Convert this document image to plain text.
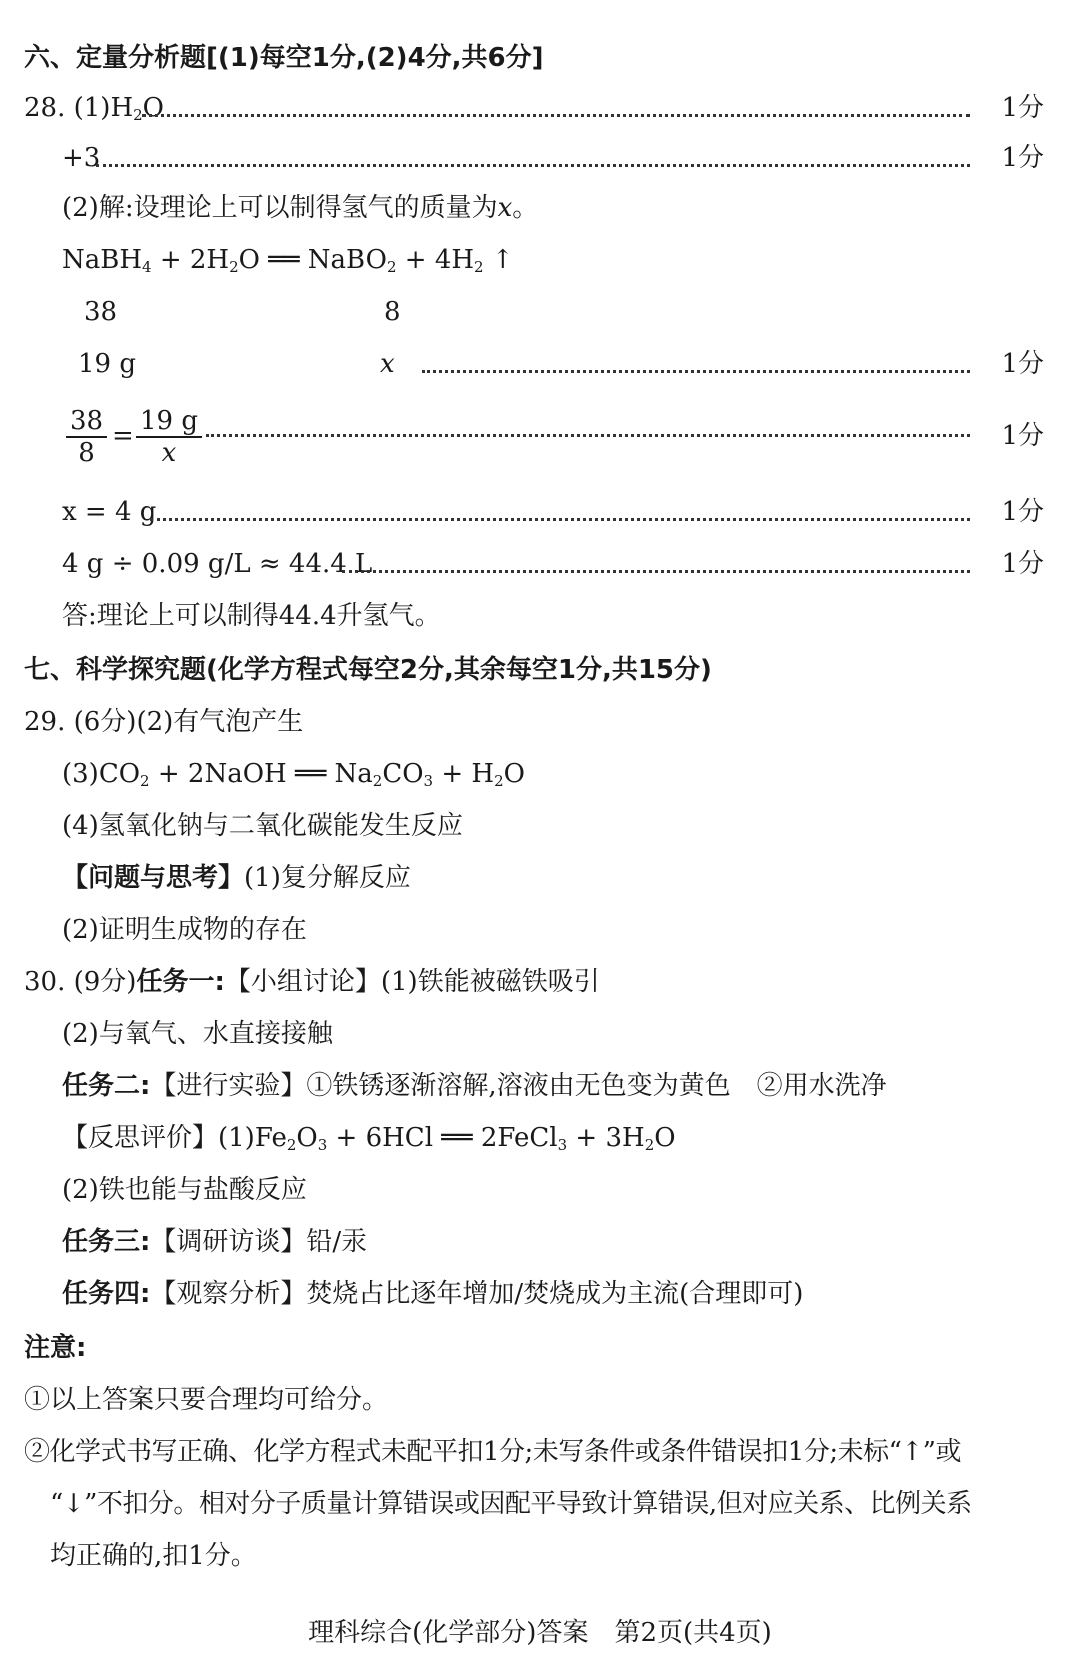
六、定量分析题[(1)每空1分,(2)4分,共6分]
28. $(1)H_2O$	1分
+3	1分
(2)解:设理论上可以制得氢气的质量为x。
NaBH$_4$ + $2H_2O$ ══ NaBO$_2$ + $4H_2$ ↑
38	8
19 g	x	1分
$\frac{38}{8} = \frac{19 g}{x}$	1分
x = 4 g	1分
4 g ÷ 0.09 g/L ≈ 44.4 L	1分
答:理论上可以制得44.4升氢气。
七、科学探究题(化学方程式每空2分,其余每空1分,共15分)
29. (6分)(2)有气泡产生
$(3)CO_2$ + 2NaOH ══ $Na_2CO_3 + H_2O$
(4)氢氧化钠与二氧化碳能发生反应
【问题与思考】(1)复分解反应
(2)证明生成物的存在
30. (9分)任务一:【小组讨论】(1)铁能被磁铁吸引
(2)与氧气、水直接接触
任务二:【进行实验】①铁锈逐渐溶解,溶液由无色变为黄色　②用水洗净
【反思评价】$(1)Fe_2O_3 + 6HCl$ ══ 2FeCl$_3$ + $3H_2O$
(2)铁也能与盐酸反应
任务三:【调研访谈】铅/汞
任务四:【观察分析】焚烧占比逐年增加/焚烧成为主流(合理即可)
注意:
①以上答案只要合理均可给分。
②化学式书写正确、化学方程式未配平扣1分;未写条件或条件错误扣1分;未标“↑”或
“↓”不扣分。相对分子质量计算错误或因配平导致计算错误,但对应关系、比例关系
均正确的,扣1分。
理科综合(化学部分)答案　第2页(共4页)
